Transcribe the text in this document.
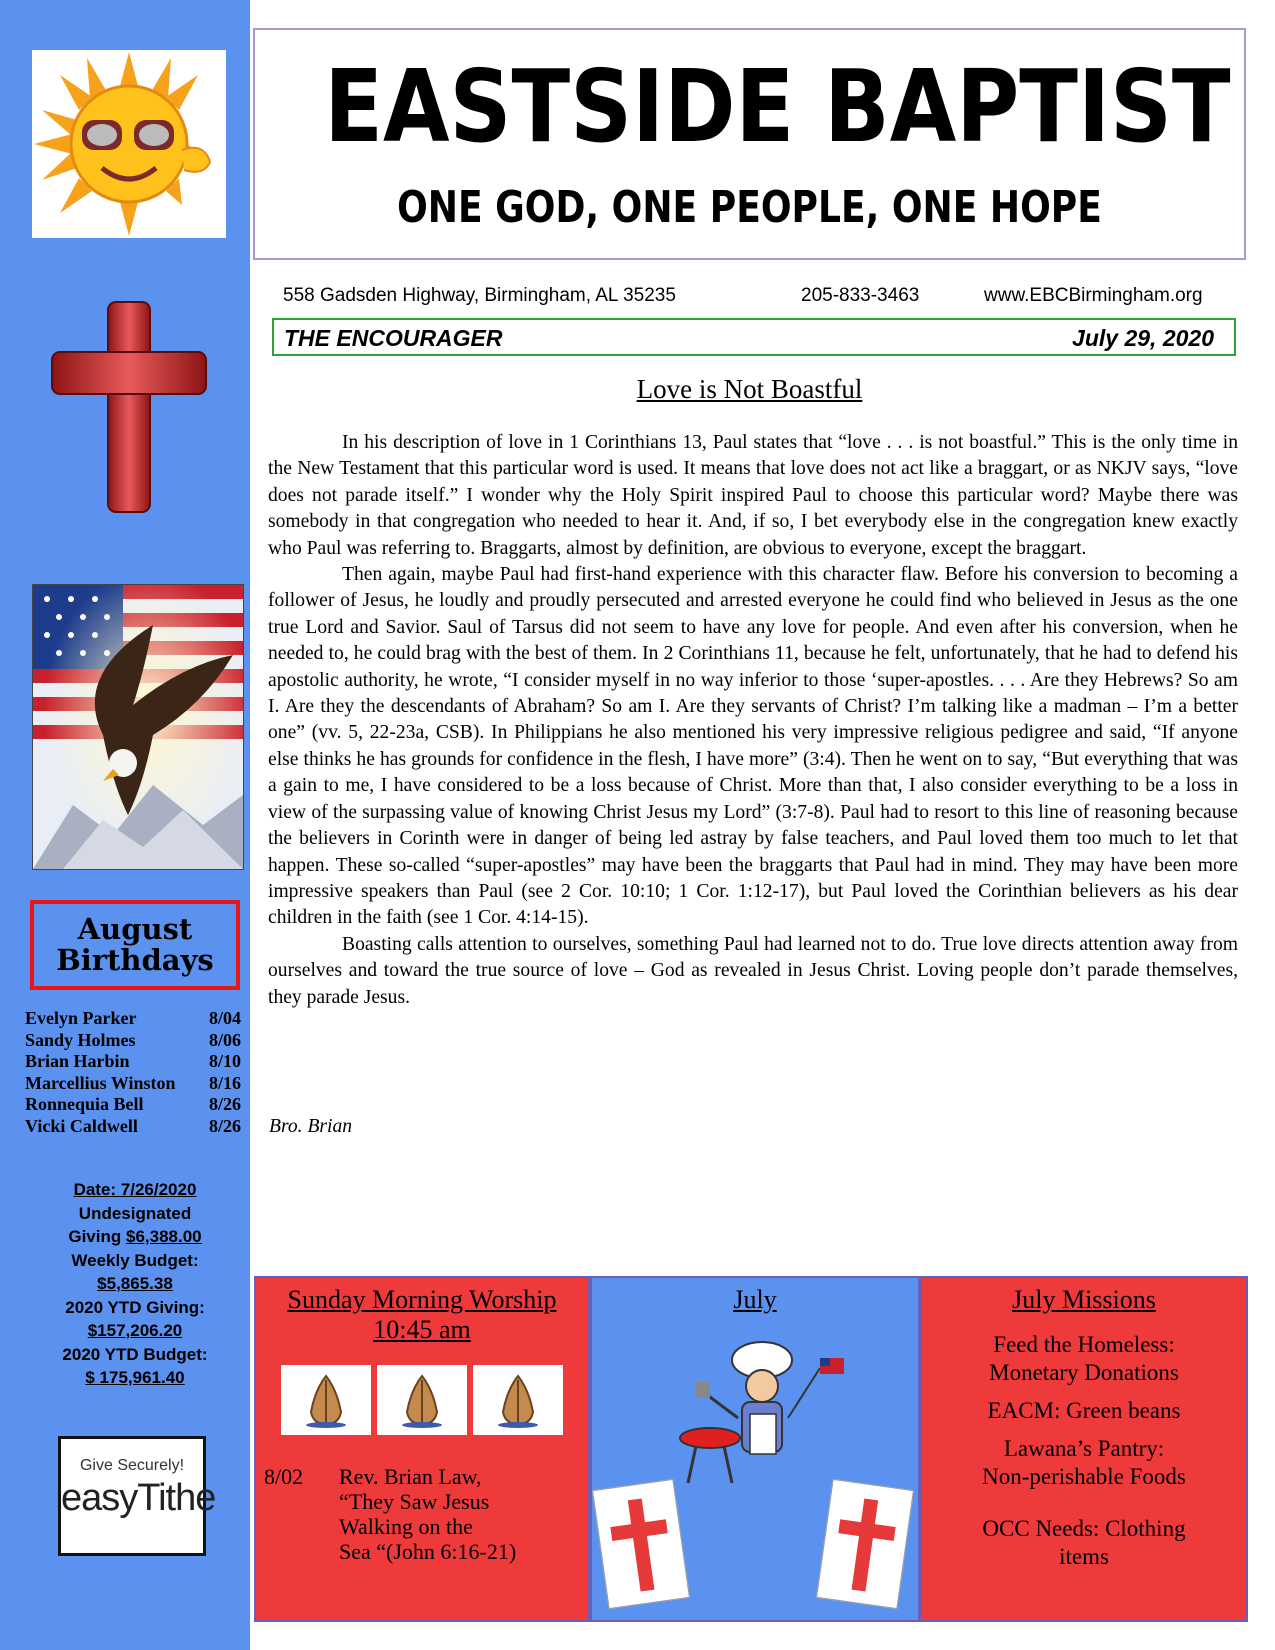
August
Birthdays
Evelyn Parker	8/04
Sandy Holmes	8/06
Brian Harbin	8/10
Marcellius Winston 8/16
Ronnequia Bell	8/26
Vicki Caldwell	8/26
Date: 7/26/2020
Undesignated
Giving $6,388.00
Weekly Budget:
$5,865.38
2020 YTD Giving:
$157,206.20
2020 YTD Budget:
$ 175,961.40
Give Securely!
easyTithe
EASTSIDE BAPTIST
ONE GOD, ONE PEOPLE, ONE HOPE
558 Gadsden Highway, Birmingham, AL 35235	205-833-3463	www.EBCBirmingham.org
THE ENCOURAGER	July 29, 2020
Love is Not Boastful

In his description of love in 1 Corinthians 13, Paul states that “love . . . is not boastful.” This is the only time in the New Testament that this particular word is used. It means that love does not act like a braggart, or as NKJV says, “love does not parade itself.” I wonder why the Holy Spirit inspired Paul to choose this particular word? Maybe there was somebody in that congregation who needed to hear it. And, if so, I bet everybody else in the congregation knew exactly who Paul was referring to. Braggarts, almost by definition, are obvious to everyone, except the braggart.

Then again, maybe Paul had first-hand experience with this character flaw. Before his conversion to becoming a follower of Jesus, he loudly and proudly persecuted and arrested everyone he could find who believed in Jesus as the one true Lord and Savior. Saul of Tarsus did not seem to have any love for people. And even after his conversion, when he needed to, he could brag with the best of them. In 2 Corinthians 11, because he felt, unfortunately, that he had to defend his apostolic authority, he wrote, “I consider myself in no way inferior to those ‘super-apostles. . . . Are they Hebrews? So am I. Are they the descendants of Abraham? So am I. Are they servants of Christ? I’m talking like a madman – I’m a better one” (vv. 5, 22-23a, CSB). In Philippians he also mentioned his very impressive religious pedigree and said, “If anyone else thinks he has grounds for confidence in the flesh, I have more” (3:4). Then he went on to say, “But everything that was a gain to me, I have considered to be a loss because of Christ. More than that, I also consider everything to be a loss in view of the surpassing value of knowing Christ Jesus my Lord” (3:7-8). Paul had to resort to this line of reasoning because the believers in Corinth were in danger of being led astray by false teachers, and Paul loved them too much to let that happen. These so-called “super-apostles” may have been the braggarts that Paul had in mind. They may have been more impressive speakers than Paul (see 2 Cor. 10:10; 1 Cor. 1:12-17), but Paul loved the Corinthian believers as his dear children in the faith (see 1 Cor. 4:14-15).

Boasting calls attention to ourselves, something Paul had learned not to do. True love directs attention away from ourselves and toward the true source of love – God as revealed in Jesus Christ. Loving people don’t parade themselves, they parade Jesus.

Bro. Brian
Sunday Morning Worship
10:45 am
8/02 Rev. Brian Law,
“They Saw Jesus
Walking on the
Sea “(John 6:16-21)
July	July Missions
Feed the Homeless:
Monetary Donations
EACM: Green beans
Lawana’s Pantry:
Non-perishable Foods
OCC Needs: Clothing
items
